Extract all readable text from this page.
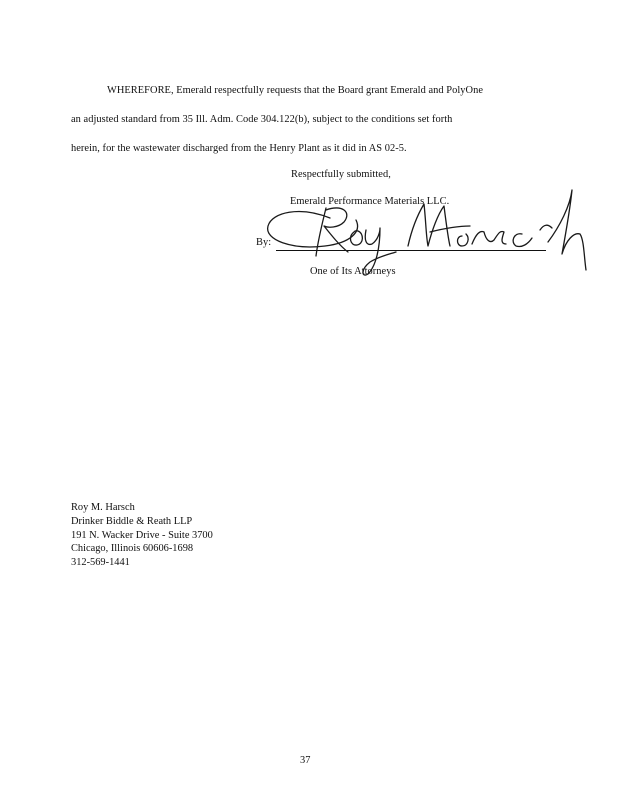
WHEREFORE, Emerald respectfully requests that the Board grant Emerald and PolyOne
an adjusted standard from 35 Ill. Adm. Code 304.122(b), subject to the conditions set forth
herein, for the wastewater discharged from the Henry Plant as it did in AS 02-5.
Respectfully submitted,
Emerald Performance Materials LLC.
By:
One of Its Attorneys
Roy M. Harsch
Drinker Biddle & Reath LLP
191 N. Wacker Drive - Suite 3700
Chicago, Illinois 60606-1698
312-569-1441
37
